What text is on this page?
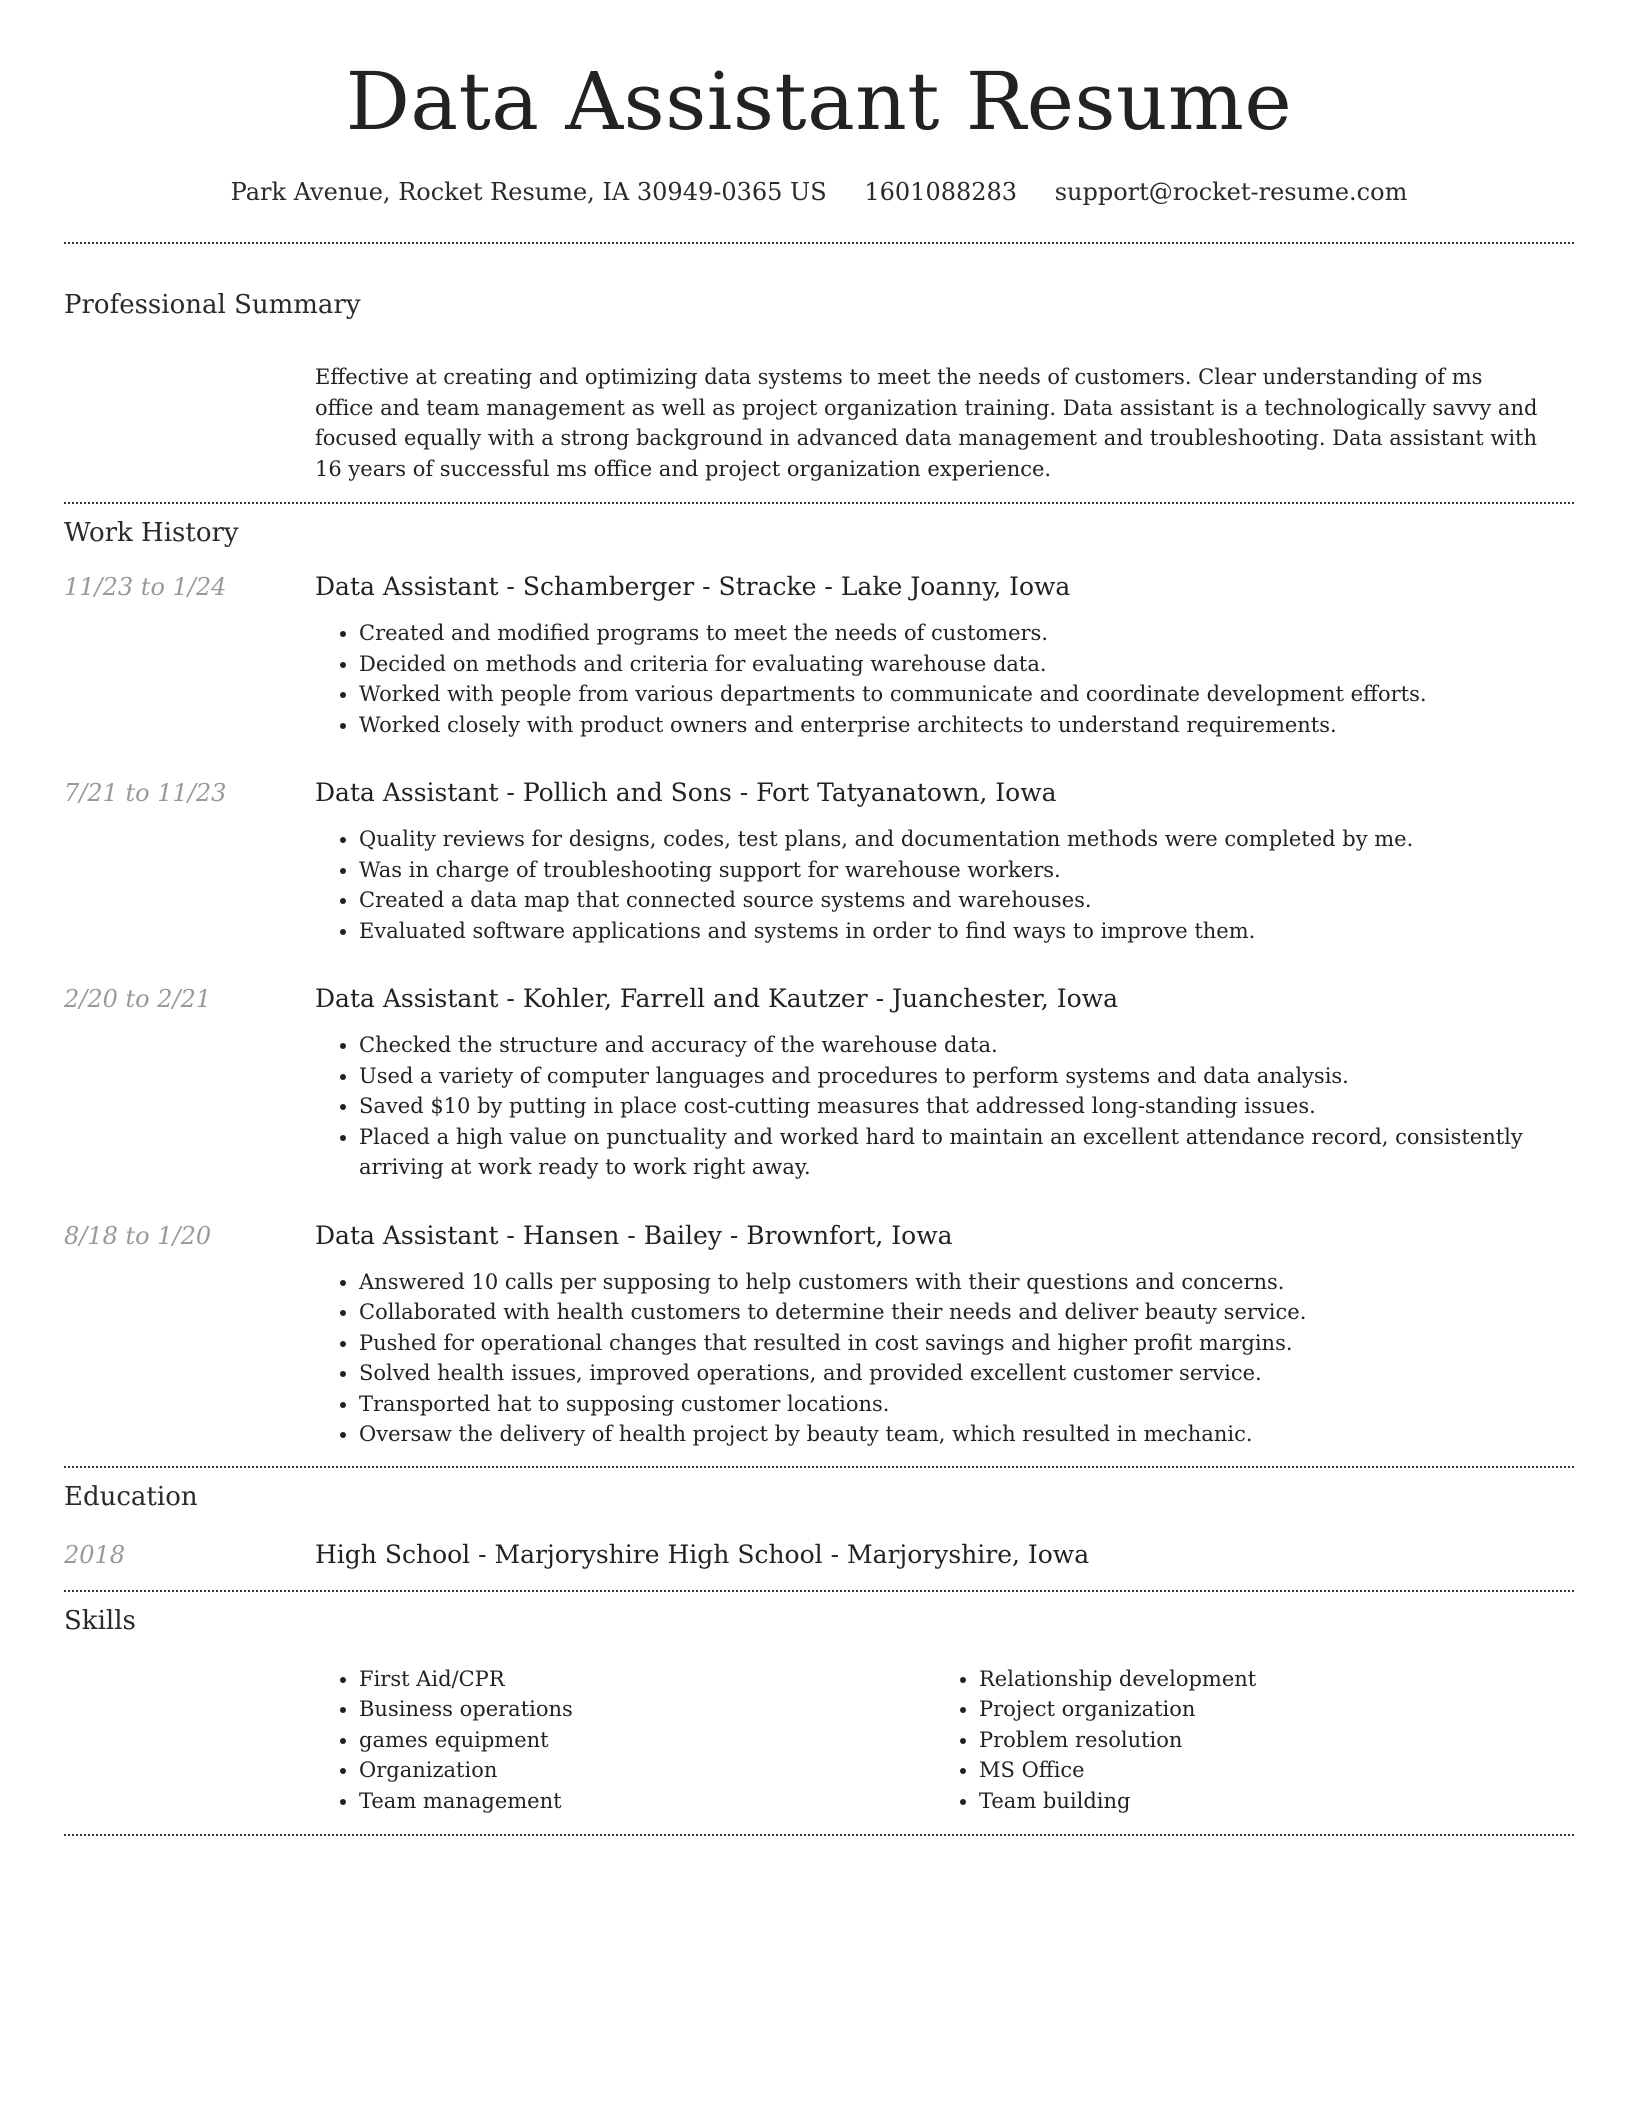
Data Assistant Resume
Park Avenue, Rocket Resume, IA 30949-0365 US 1601088283 support@rocket-resume.com
Professional Summary
Effective at creating and optimizing data systems to meet the needs of customers. Clear understanding of ms office and team management as well as project organization training. Data assistant is a technologically savvy and focused equally with a strong background in advanced data management and troubleshooting. Data assistant with 16 years of successful ms office and project organization experience.
Work History
11/23 to 1/24	Data Assistant - Schamberger - Stracke - Lake Joanny, Iowa
• Created and modified programs to meet the needs of customers.
• Decided on methods and criteria for evaluating warehouse data.
• Worked with people from various departments to communicate and coordinate development efforts.
• Worked closely with product owners and enterprise architects to understand requirements.
7/21 to 11/23	Data Assistant - Pollich and Sons - Fort Tatyanatown, Iowa
• Quality reviews for designs, codes, test plans, and documentation methods were completed by me.
• Was in charge of troubleshooting support for warehouse workers.
• Created a data map that connected source systems and warehouses.
• Evaluated software applications and systems in order to find ways to improve them.
2/20 to 2/21	Data Assistant - Kohler, Farrell and Kautzer - Juanchester, Iowa
• Checked the structure and accuracy of the warehouse data.
• Used a variety of computer languages and procedures to perform systems and data analysis.
• Saved $10 by putting in place cost-cutting measures that addressed long-standing issues.
• Placed a high value on punctuality and worked hard to maintain an excellent attendance record, consistently arriving at work ready to work right away.
8/18 to 1/20	Data Assistant - Hansen - Bailey - Brownfort, Iowa
• Answered 10 calls per supposing to help customers with their questions and concerns.
• Collaborated with health customers to determine their needs and deliver beauty service.
• Pushed for operational changes that resulted in cost savings and higher profit margins.
• Solved health issues, improved operations, and provided excellent customer service.
• Transported hat to supposing customer locations.
• Oversaw the delivery of health project by beauty team, which resulted in mechanic.
Education
2018	High School - Marjoryshire High School - Marjoryshire, Iowa
Skills
• First Aid/CPR
• Business operations
• games equipment
• Organization
• Team management
• Relationship development
• Project organization
• Problem resolution
• MS Office
• Team building
